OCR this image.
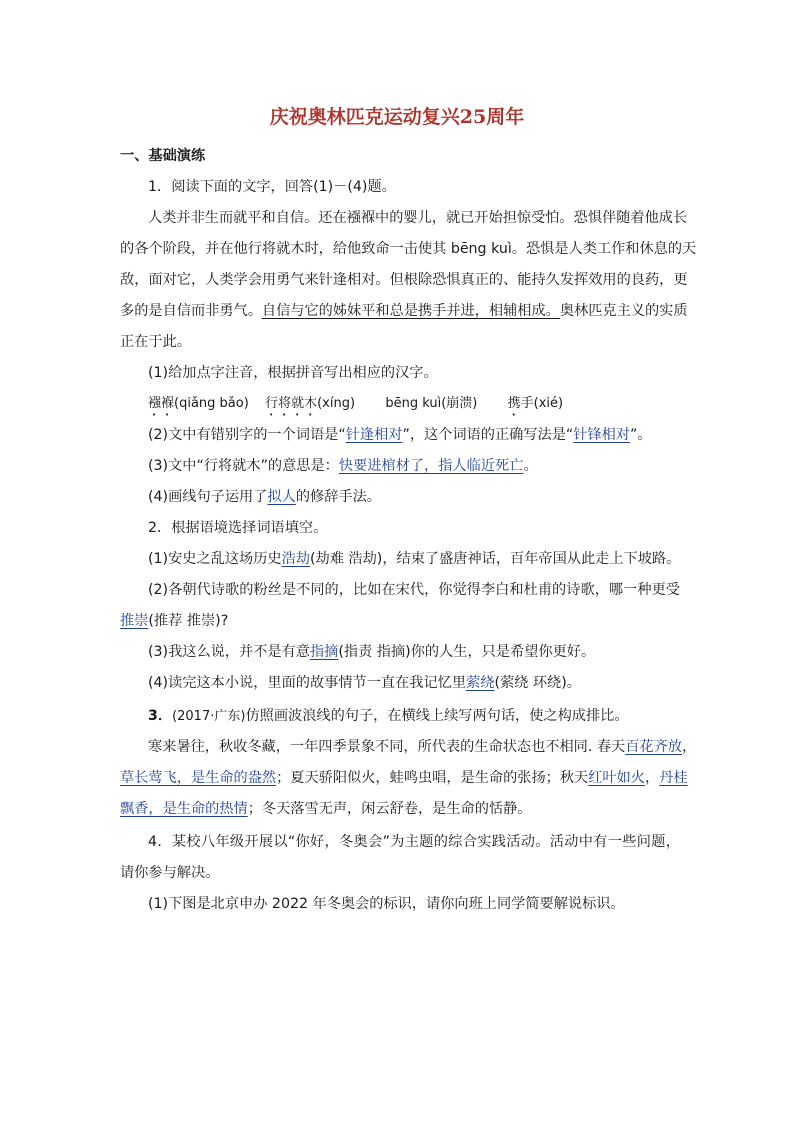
庆祝奥林匹克运动复兴25周年
一、基础演练
1．阅读下面的文字，回答(1)－(4)题。
人类并非生而就平和自信。还在襁褓中的婴儿，就已开始担惊受怕。恐惧伴随着他成长
的各个阶段，并在他行将就木时，给他致命一击使其 bēng kuì。恐惧是人类工作和休息的天
敌，面对它，人类学会用勇气来针逢相对。但根除恐惧真正的、能持久发挥效用的良药，更
多的是自信而非勇气。自信与它的姊妹平和总是携手并进，相辅相成。奥林匹克主义的实质
正在于此。
(1)给加点字注音，根据拼音写出相应的汉字。
襁褓(qiǎng bǎo) 行将就木(xíng) bēng kuì(崩溃) 携手(xié)
(2)文中有错别字的一个词语是“针逢相对”，这个词语的正确写法是“针锋相对”。
(3)文中“行将就木”的意思是：快要进棺材了，指人临近死亡。
(4)画线句子运用了拟人的修辞手法。
2．根据语境选择词语填空。
(1)安史之乱这场历史浩劫(劫难 浩劫)，结束了盛唐神话，百年帝国从此走上下坡路。
(2)各朝代诗歌的粉丝是不同的，比如在宋代，你觉得李白和杜甫的诗歌，哪一种更受
推崇(推荐 推崇)?
(3)我这么说，并不是有意指摘(指责 指摘)你的人生，只是希望你更好。
(4)读完这本小说，里面的故事情节一直在我记忆里萦绕(萦绕 环绕)。
3．(2017·广东)仿照画波浪线的句子，在横线上续写两句话，使之构成排比。
寒来暑往，秋收冬藏，一年四季景象不同，所代表的生命状态也不相同. 春天百花齐放，
草长莺飞，是生命的盎然；夏天骄阳似火，蛙鸣虫唱，是生命的张扬；秋天红叶如火，丹桂
飘香，是生命的热情；冬天落雪无声，闲云舒卷，是生命的恬静。
4．某校八年级开展以“你好，冬奥会”为主题的综合实践活动。活动中有一些问题，
请你参与解决。
(1)下图是北京申办 2022 年冬奥会的标识，请你向班上同学简要解说标识。
